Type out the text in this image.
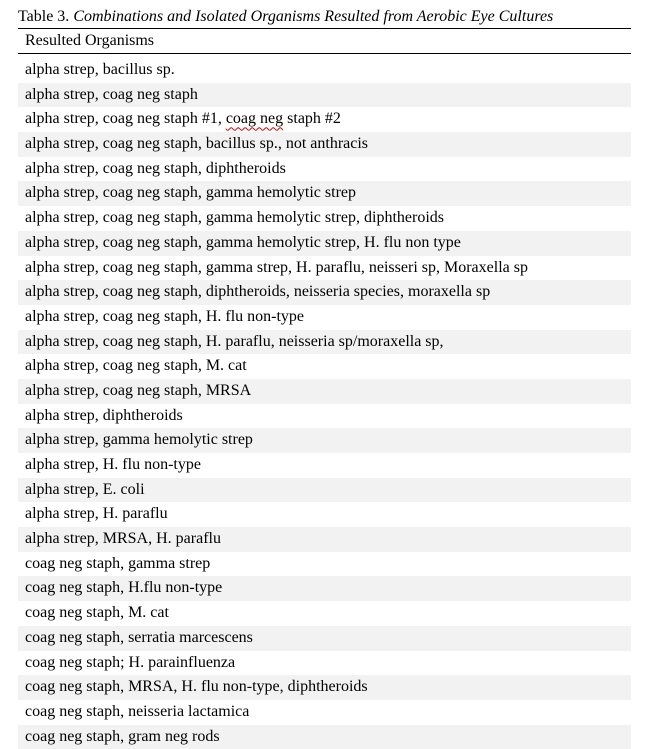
Table 3. Combinations and Isolated Organisms Resulted from Aerobic Eye Cultures
Resulted Organisms
alpha strep, bacillus sp.
alpha strep, coag neg staph
alpha strep, coag neg staph #1, coag neg staph #2
alpha strep, coag neg staph, bacillus sp., not anthracis
alpha strep, coag neg staph, diphtheroids
alpha strep, coag neg staph, gamma hemolytic strep
alpha strep, coag neg staph, gamma hemolytic strep, diphtheroids
alpha strep, coag neg staph, gamma hemolytic strep, H. flu non type
alpha strep, coag neg staph, gamma strep, H. paraflu, neisseri sp, Moraxella sp
alpha strep, coag neg staph, diphtheroids, neisseria species, moraxella sp
alpha strep, coag neg staph, H. flu non-type
alpha strep, coag neg staph, H. paraflu, neisseria sp/moraxella sp,
alpha strep, coag neg staph, M. cat
alpha strep, coag neg staph, MRSA
alpha strep, diphtheroids
alpha strep, gamma hemolytic strep
alpha strep, H. flu non-type
alpha strep, E. coli
alpha strep, H. paraflu
alpha strep, MRSA, H. paraflu
coag neg staph, gamma strep
coag neg staph, H.flu non-type
coag neg staph, M. cat
coag neg staph, serratia marcescens
coag neg staph; H. parainfluenza
coag neg staph, MRSA, H. flu non-type, diphtheroids
coag neg staph, neisseria lactamica
coag neg staph, gram neg rods
